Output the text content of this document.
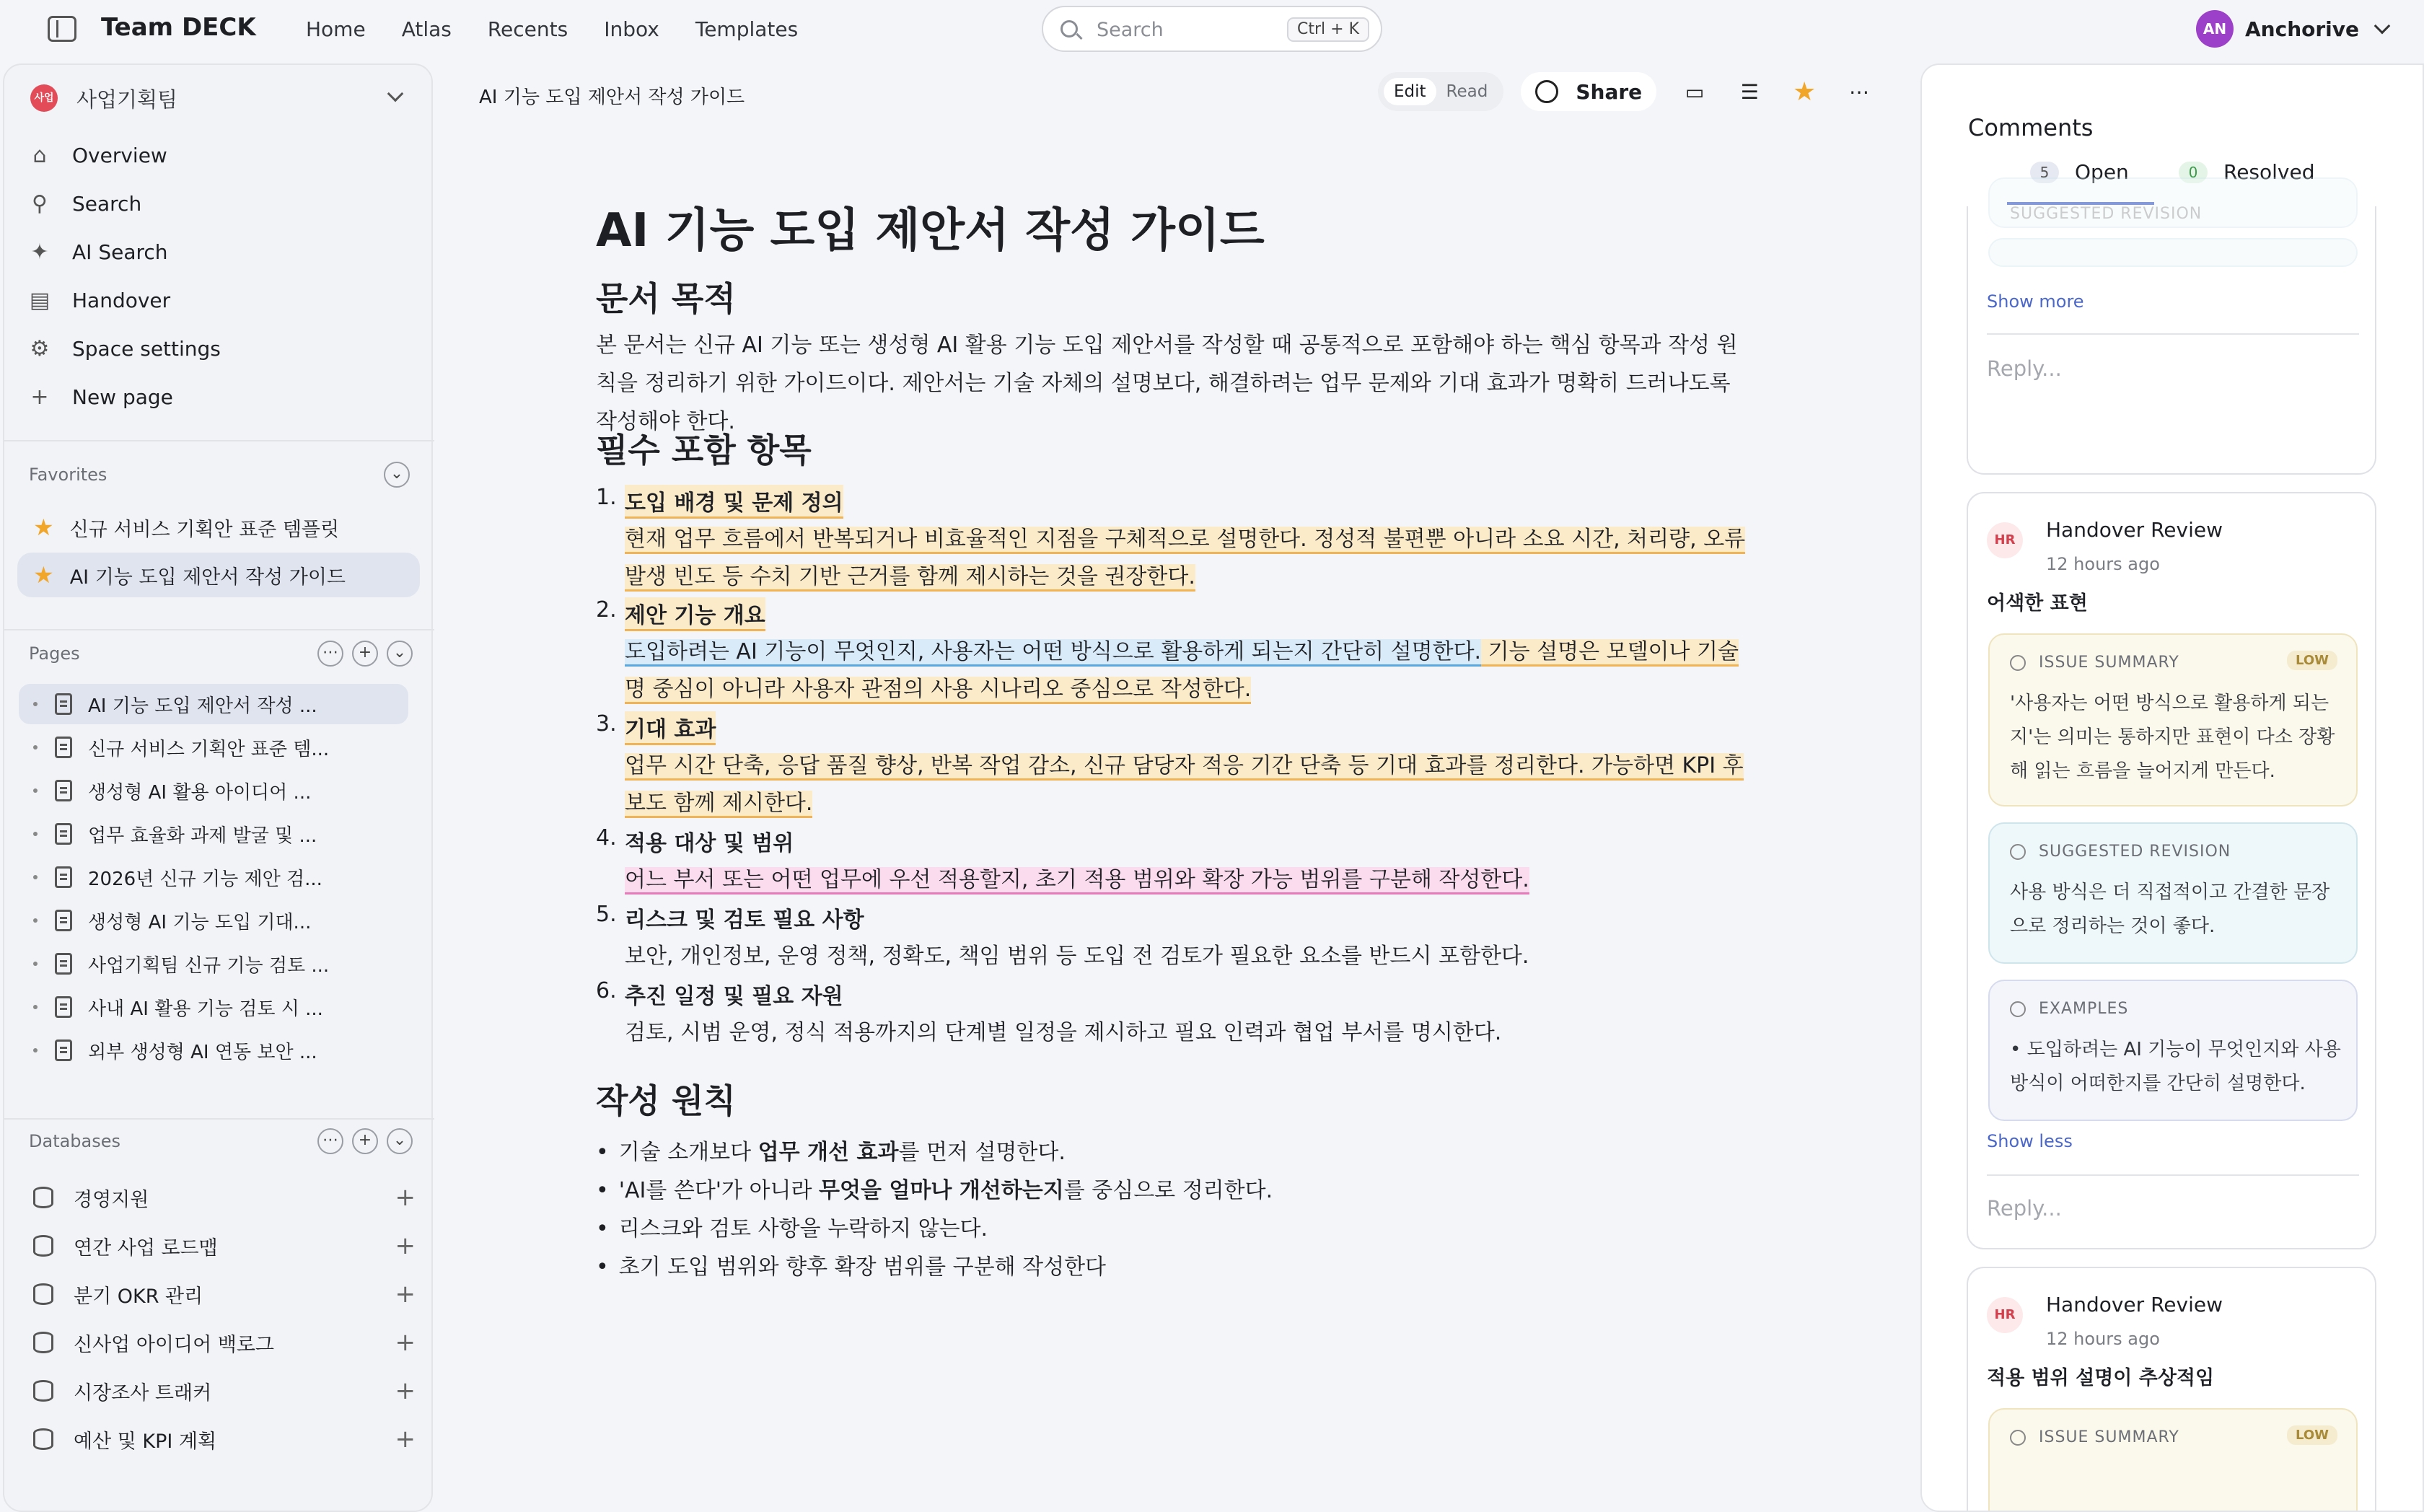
Team DECK Home Atlas Recents Inbox Templates	Search	Ctrl + K	AN Anchorive
사업 사업기획팀
⌂ Overview
⚲ Search
✦ AI Search
▤ Handover
⚙ Space settings
+ New page
Favorites	⌄
★ 신규 서비스 기획안 표준 템플릿
★ AI 기능 도입 제안서 작성 가이드
Pages	⋯	+	⌄
AI 기능 도입 제안서 작성 ...
신규 서비스 기획안 표준 템...
생성형 AI 활용 아이디어 ...
업무 효율화 과제 발굴 및 ...
2026년 신규 기능 제안 검...
생성형 AI 기능 도입 기대...
사업기획팀 신규 기능 검토 ...
사내 AI 활용 기능 검토 시 ...
외부 생성형 AI 연동 보안 ...
Databases	⋯	+	⌄
경영지원	+
연간 사업 로드맵	+
분기 OKR 관리	+
신사업 아이디어 백로그	+
시장조사 트래커	+
예산 및 KPI 계획	+
AI 기능 도입 제안서 작성 가이드	Edit	Read	Share	▭	☰ ★	⋯
AI 기능 도입 제안서 작성 가이드
문서 목적

본 문서는 신규 AI 기능 또는 생성형 AI 활용 기능 도입 제안서를 작성할 때 공통적으로 포함해야 하는 핵심 항목과 작성 원칙을 정리하기 위한 가이드이다. 제안서는 기술 자체의 설명보다, 해결하려는 업무 문제와 기대 효과가 명확히 드러나도록 작성해야 한다.

필수 포함 항목
1. 도입 배경 및 문제 정의
현재 업무 흐름에서 반복되거나 비효율적인 지점을 구체적으로 설명한다. 정성적 불편뿐 아니라 소요 시간, 처리량, 오류 발생 빈도 등 수치 기반 근거를 함께 제시하는 것을 권장한다.
2. 제안 기능 개요
도입하려는 AI 기능이 무엇인지, 사용자는 어떤 방식으로 활용하게 되는지 간단히 설명한다. 기능 설명은 모델이나 기술명 중심이 아니라 사용자 관점의 사용 시나리오 중심으로 작성한다.
3. 기대 효과
업무 시간 단축, 응답 품질 향상, 반복 작업 감소, 신규 담당자 적응 기간 단축 등 기대 효과를 정리한다. 가능하면 KPI 후보도 함께 제시한다.
4. 적용 대상 및 범위
어느 부서 또는 어떤 업무에 우선 적용할지, 초기 적용 범위와 확장 가능 범위를 구분해 작성한다.
5. 리스크 및 검토 필요 사항
보안, 개인정보, 운영 정책, 정확도, 책임 범위 등 도입 전 검토가 필요한 요소를 반드시 포함한다.
6. 추진 일정 및 필요 자원
검토, 시범 운영, 정식 적용까지의 단계별 일정을 제시하고 필요 인력과 협업 부서를 명시한다.
작성 원칙
• 기술 소개보다 업무 개선 효과를 먼저 설명한다.
• 'AI를 쓴다'가 아니라 무엇을 얼마나 개선하는지를 중심으로 정리한다.
• 리스크와 검토 사항을 누락하지 않는다.
• 초기 도입 범위와 향후 확장 범위를 구분해 작성한다
Comments
5	Open	0	Resolved
SUGGESTED REVISION
Show more
Reply...
HR	Handover Review
12 hours ago
어색한 표현
ISSUE SUMMARY	LOW
'사용자는 어떤 방식으로 활용하게 되는지'는 의미는 통하지만 표현이 다소 장황해 읽는 흐름을 늘어지게 만든다.
SUGGESTED REVISION
사용 방식은 더 직접적이고 간결한 문장으로 정리하는 것이 좋다.
EXAMPLES
• 도입하려는 AI 기능이 무엇인지와 사용 방식이 어떠한지를 간단히 설명한다.
Show less
Reply...
HR	Handover Review
12 hours ago
적용 범위 설명이 추상적임
ISSUE SUMMARY	LOW
